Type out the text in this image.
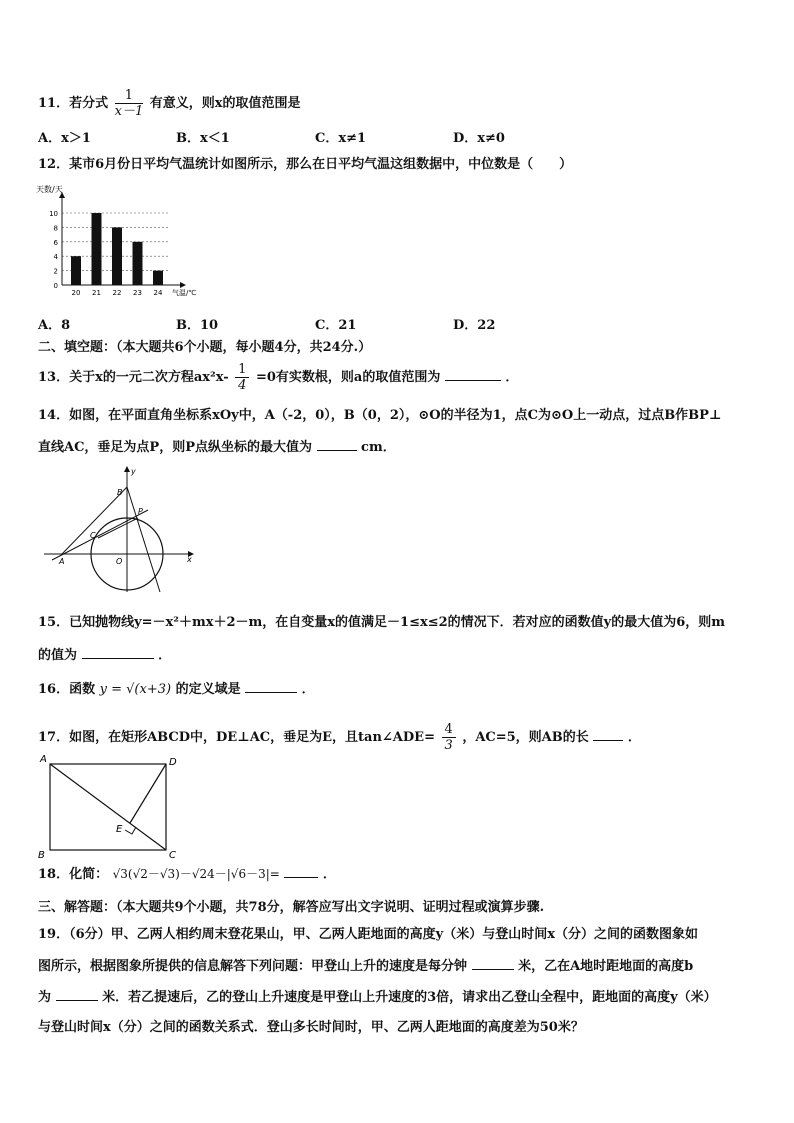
11．若分式 $\frac{1}{x-1}$ 有意义，则x的取值范围是
A．x＞1	B．x＜1	C．x≠1	D．x≠0
12．某市6月份日平均气温统计如图所示，那么在日平均气温这组数据中，中位数是（　　）
天数/天
0
2
4
6
8
10
20 21 22 23 24 气温/℃
A．8	B．10	C．21	D．22
二、填空题：（本大题共6个小题，每小题4分，共24分.）
13．关于x的一元二次方程$ax^2x- \frac{1}{4} =0$有实数根，则a的取值范围为	．
14．如图，在平面直角坐标系xOy中，A（-2，0），B（0，2），⊙O的半径为1，点C为⊙O上一动点，过点B作BP⊥
直线AC，垂足为点P，则P点纵坐标的最大值为	cm．
y
x
B
P
C
A	O
15．已知抛物线y=－x²＋mx＋2－m，在自变量x的值满足－1≤x≤2的情况下．若对应的函数值y的最大值为6，则m
的值为	．
16．函数 y = √(x+3) 的定义域是	．
17．如图，在矩形ABCD中，DE⊥AC，垂足为E，且tan∠ADE= $\frac{4}{3}$ ，AC=5，则AB的长	．
A	D
B	C
E
18．化简： √3(√2－√3)－√24－|√6－3|=	．
三、解答题：（本大题共9个小题，共78分，解答应写出文字说明、证明过程或演算步骤.
19．（6分）甲、乙两人相约周末登花果山，甲、乙两人距地面的高度y（米）与登山时间x（分）之间的函数图象如
图所示，根据图象所提供的信息解答下列问题：甲登山上升的速度是每分钟	米，乙在A地时距地面的高度b
为	米．若乙提速后，乙的登山上升速度是甲登山上升速度的3倍，请求出乙登山全程中，距地面的高度y（米）
与登山时间x（分）之间的函数关系式．登山多长时间时，甲、乙两人距地面的高度差为50米？
